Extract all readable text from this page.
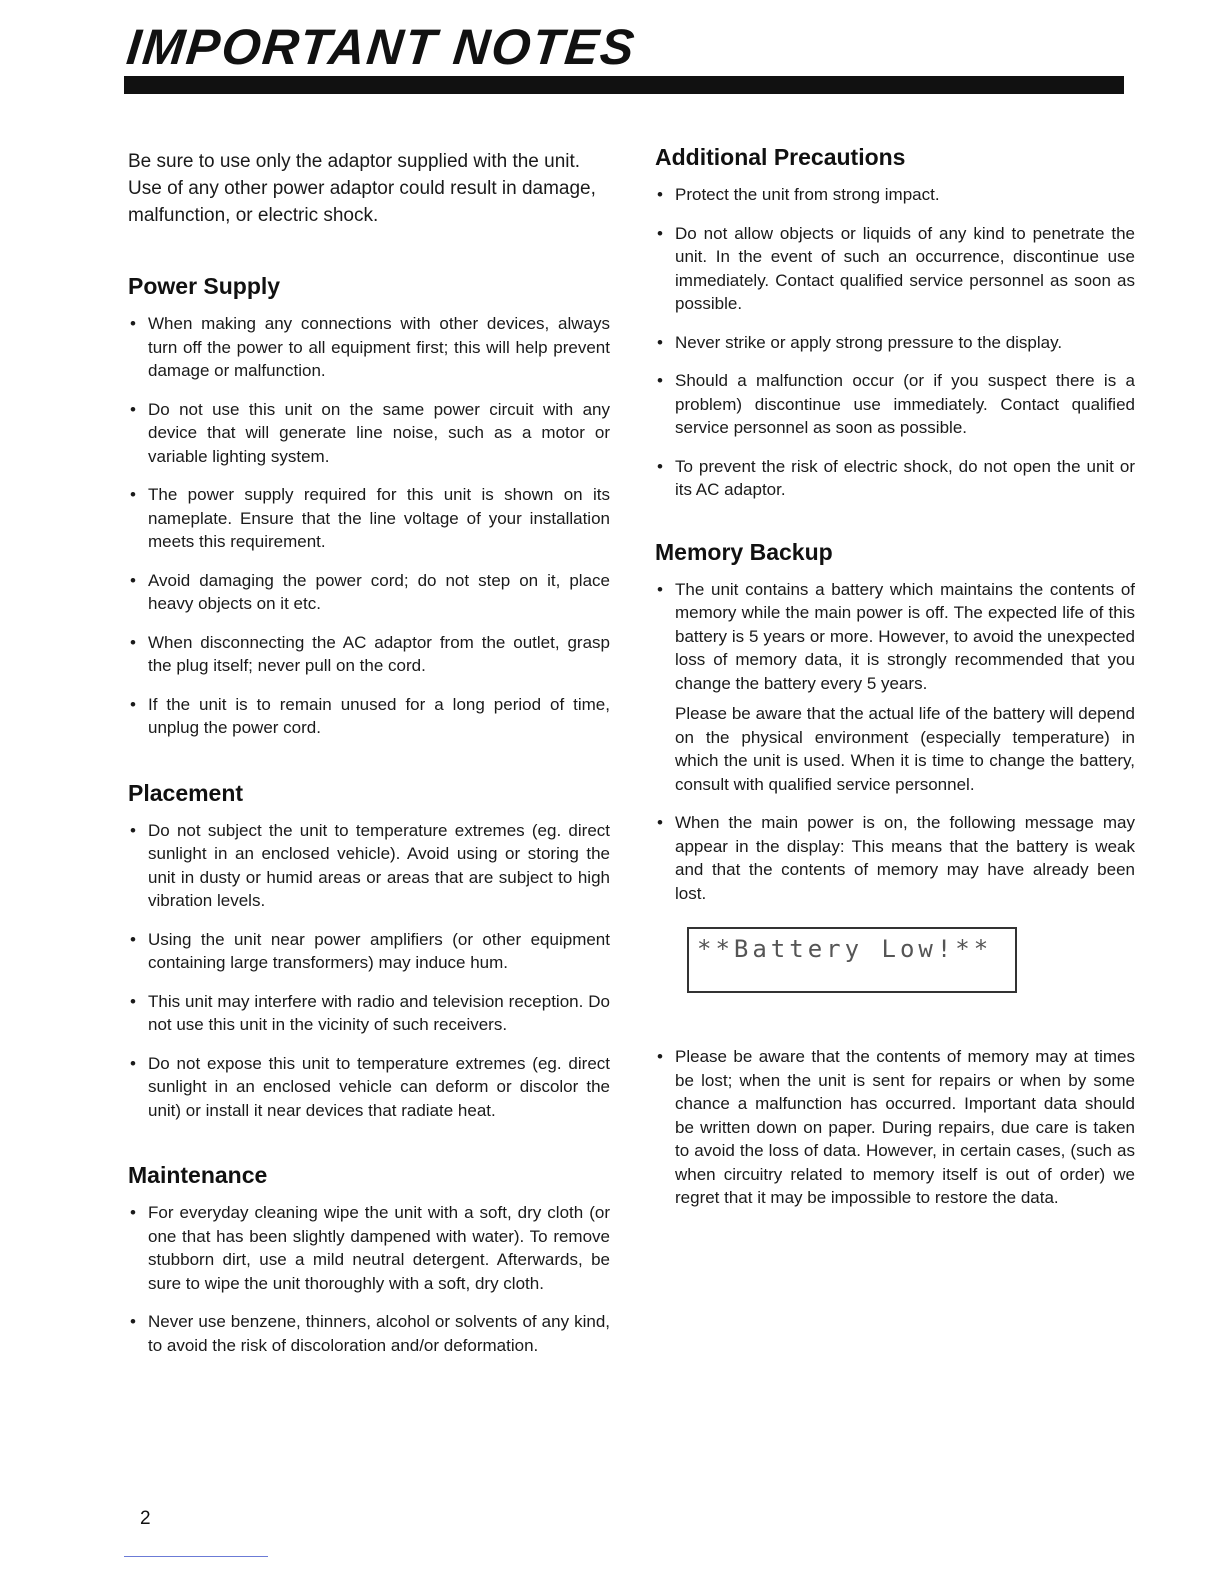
IMPORTANT NOTES

Be sure to use only the adaptor supplied with the unit. Use of any other power adaptor could result in damage, malfunction, or electric shock.

Power Supply
• When making any connections with other devices, always turn off the power to all equipment first; this will help prevent damage or malfunction.
• Do not use this unit on the same power circuit with any device that will generate line noise, such as a motor or variable lighting system.
• The power supply required for this unit is shown on its nameplate. Ensure that the line voltage of your installation meets this requirement.
• Avoid damaging the power cord; do not step on it, place heavy objects on it etc.
• When disconnecting the AC adaptor from the outlet, grasp the plug itself; never pull on the cord.
• If the unit is to remain unused for a long period of time, unplug the power cord.
Placement
• Do not subject the unit to temperature extremes (eg. direct sunlight in an enclosed vehicle). Avoid using or storing the unit in dusty or humid areas or areas that are subject to high vibration levels.
• Using the unit near power amplifiers (or other equipment containing large transformers) may induce hum.
• This unit may interfere with radio and television reception. Do not use this unit in the vicinity of such receivers.
• Do not expose this unit to temperature extremes (eg. direct sunlight in an enclosed vehicle can deform or discolor the unit) or install it near devices that radiate heat.
Maintenance
• For everyday cleaning wipe the unit with a soft, dry cloth (or one that has been slightly dampened with water). To remove stubborn dirt, use a mild neutral detergent. Afterwards, be sure to wipe the unit thoroughly with a soft, dry cloth.
• Never use benzene, thinners, alcohol or solvents of any kind, to avoid the risk of discoloration and/or deformation.
Additional Precautions
• Protect the unit from strong impact.
• Do not allow objects or liquids of any kind to penetrate the unit. In the event of such an occurrence, discontinue use immediately. Contact qualified service personnel as soon as possible.
• Never strike or apply strong pressure to the display.
• Should a malfunction occur (or if you suspect there is a problem) discontinue use immediately. Contact qualified service personnel as soon as possible.
• To prevent the risk of electric shock, do not open the unit or its AC adaptor.
Memory Backup
• The unit contains a battery which maintains the contents of memory while the main power is off. The expected life of this battery is 5 years or more. However, to avoid the unexpected loss of memory data, it is strongly recommended that you change the battery every 5 years.
Please be aware that the actual life of the battery will depend on the physical environment (especially temperature) in which the unit is used. When it is time to change the battery, consult with qualified service personnel.
• When the main power is on, the following message may appear in the display: This means that the battery is weak and that the contents of memory may have already been lost.
**Battery Low!**
• Please be aware that the contents of memory may at times be lost; when the unit is sent for repairs or when by some chance a malfunction has occurred. Important data should be written down on paper. During repairs, due care is taken to avoid the loss of data. However, in certain cases, (such as when circuitry related to memory itself is out of order) we regret that it may be impossible to restore the data.
2
